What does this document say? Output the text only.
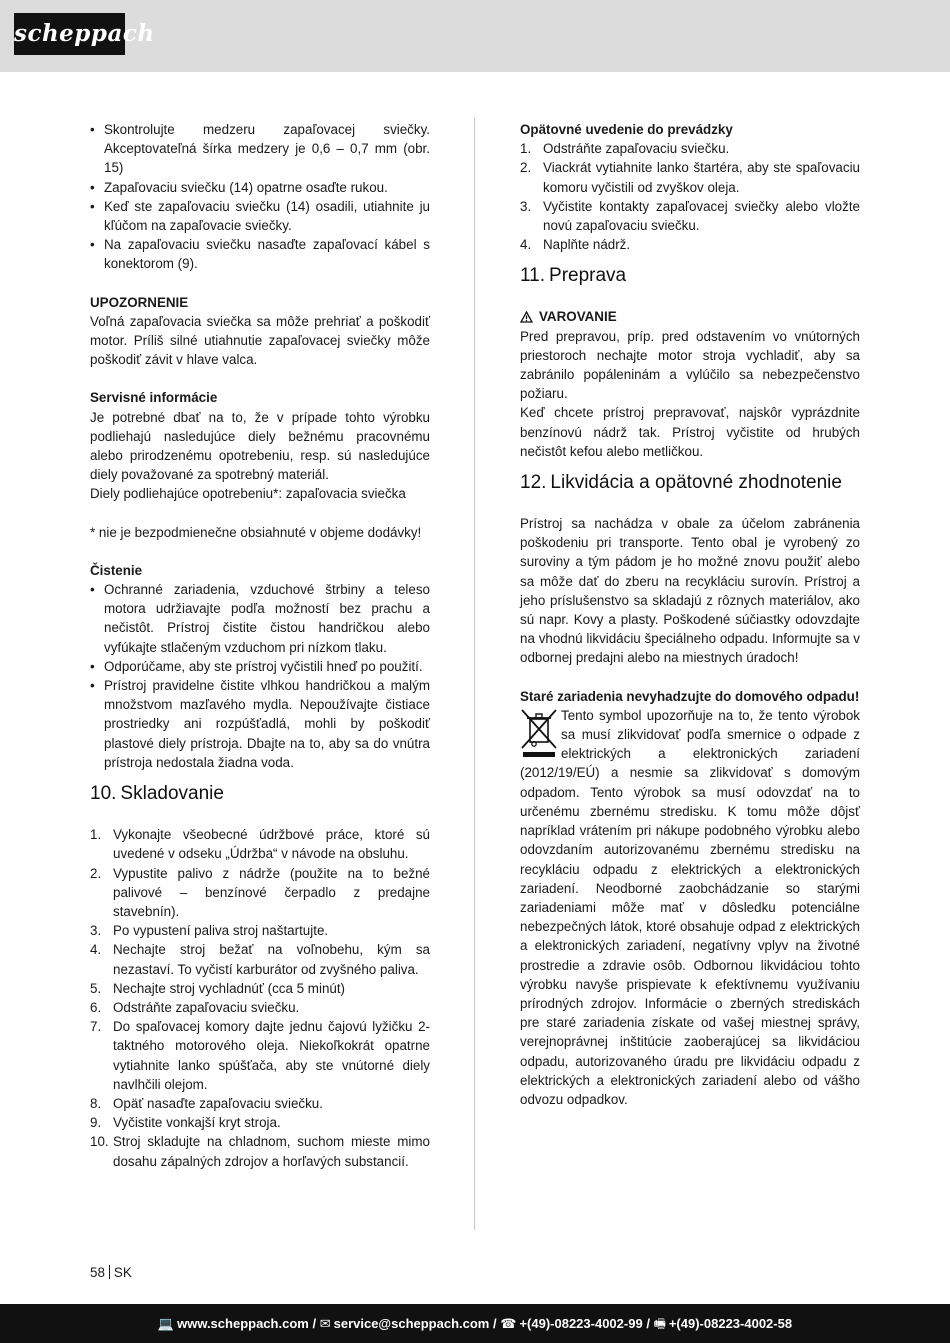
scheppach
• Skontrolujte medzeru zapaľovacej sviečky. Akceptovateľná šírka medzery je 0,6 – 0,7 mm (obr. 15)
• Zapaľovaciu sviečku (14) opatrne osaďte rukou.
• Keď ste zapaľovaciu sviečku (14) osadili, utiahnite ju kľúčom na zapaľovacie sviečky.
• Na zapaľovaciu sviečku nasaďte zapaľovací kábel s konektorom (9).

UPOZORNENIE

Voľná zapaľovacia sviečka sa môže prehriať a poškodiť motor. Príliš silné utiahnutie zapaľovacej sviečky môže poškodiť závit v hlave valca.

Servisné informácie

Je potrebné dbať na to, že v prípade tohto výrobku podliehajú nasledujúce diely bežnému pracovnému alebo prirodzenému opotrebeniu, resp. sú nasledujúce diely považované za spotrebný materiál.

Diely podliehajúce opotrebeniu*: zapaľovacia sviečka

* nie je bezpodmienečne obsiahnuté v objeme dodávky!

Čistenie

• Ochranné zariadenia, vzduchové štrbiny a teleso motora udržiavajte podľa možností bez prachu a nečistôt. Prístroj čistite čistou handričkou alebo vyfúkajte stlačeným vzduchom pri nízkom tlaku.
• Odporúčame, aby ste prístroj vyčistili hneď po použití.
• Prístroj pravidelne čistite vlhkou handričkou a malým množstvom mazľavého mydla. Nepoužívajte čistiace prostriedky ani rozpúšťadlá, mohli by poškodiť plastové diely prístroja. Dbajte na to, aby sa do vnútra prístroja nedostala žiadna voda.
10. Skladovanie
1. Vykonajte všeobecné údržbové práce, ktoré sú uvedené v odseku „Údržba“ v návode na obsluhu.
2. Vypustite palivo z nádrže (použite na to bežné palivové – benzínové čerpadlo z predajne stavebnín).
3. Po vypustení paliva stroj naštartujte.
4. Nechajte stroj bežať na voľnobehu, kým sa nezastaví. To vyčistí karburátor od zvyšného paliva.
5. Nechajte stroj vychladnúť (cca 5 minút)
6. Odstráňte zapaľovaciu sviečku.
7. Do spaľovacej komory dajte jednu čajovú lyžičku 2-taktného motorového oleja. Niekoľkokrát opatrne vytiahnite lanko spúšťača, aby ste vnútorné diely navlhčili olejom.
8. Opäť nasaďte zapaľovaciu sviečku.
9. Vyčistite vonkajší kryt stroja.
10. Stroj skladujte na chladnom, suchom mieste mimo dosahu zápalných zdrojov a horľavých substancií.

Opätovné uvedenie do prevádzky

1. Odstráňte zapaľovaciu sviečku.
2. Viackrát vytiahnite lanko štartéra, aby ste spaľovaciu komoru vyčistili od zvyškov oleja.
3. Vyčistite kontakty zapaľovacej sviečky alebo vložte novú zapaľovaciu sviečku.
4. Naplňte nádrž.
11. Preprava
VAROVANIE

Pred prepravou, príp. pred odstavením vo vnútorných priestoroch nechajte motor stroja vychladiť, aby sa zabránilo popáleninám a vylúčilo sa nebezpečenstvo požiaru.

Keď chcete prístroj prepravovať, najskôr vyprázdnite benzínovú nádrž tak. Prístroj vyčistite od hrubých nečistôt kefou alebo metličkou.

12. Likvidácia a opätovné zhodnotenie

Prístroj sa nachádza v obale za účelom zabránenia poškodeniu pri transporte. Tento obal je vyrobený zo suroviny a tým pádom je ho možné znovu použiť alebo sa môže dať do zberu na recykláciu surovín. Prístroj a jeho príslušenstvo sa skladajú z rôznych materiálov, ako sú napr. Kovy a plasty. Poškodené súčiastky odovzdajte na vhodnú likvidáciu špeciálneho odpadu. Informujte sa v odbornej predajni alebo na miestnych úradoch!

Staré zariadenia nevyhadzujte do domového odpadu!

Tento symbol upozorňuje na to, že tento výrobok sa musí zlikvidovať podľa smernice o odpade z elektrických a elektronických zariadení (2012/19/EÚ) a nesmie sa zlikvidovať s domovým odpadom. Tento výrobok sa musí odovzdať na to určenému zbernému stredisku. K tomu môže dôjsť napríklad vrátením pri nákupe podobného výrobku alebo odovzdaním autorizovanému zbernému stredisku na recykláciu odpadu z elektrických a elektronických zariadení. Neodborné zaobchádzanie so starými zariadeniami môže mať v dôsledku potenciálne nebezpečných látok, ktoré obsahuje odpad z elektrických a elektronických zariadení, negatívny vplyv na životné prostredie a zdravie osôb. Odbornou likvidáciou tohto výrobku navyše prispievate k efektívnemu využívaniu prírodných zdrojov. Informácie o zberných strediskách pre staré zariadenia získate od vašej miestnej správy, verejnoprávnej inštitúcie zaoberajúcej sa likvidáciou odpadu, autorizovaného úradu pre likvidáciu odpadu z elektrických a elektronických zariadení alebo od vášho odvozu odpadkov.

58 SK
💻 www.scheppach.com / ✉ service@scheppach.com / ☎ +(49)-08223-4002-99 / 🖷 +(49)-08223-4002-58
